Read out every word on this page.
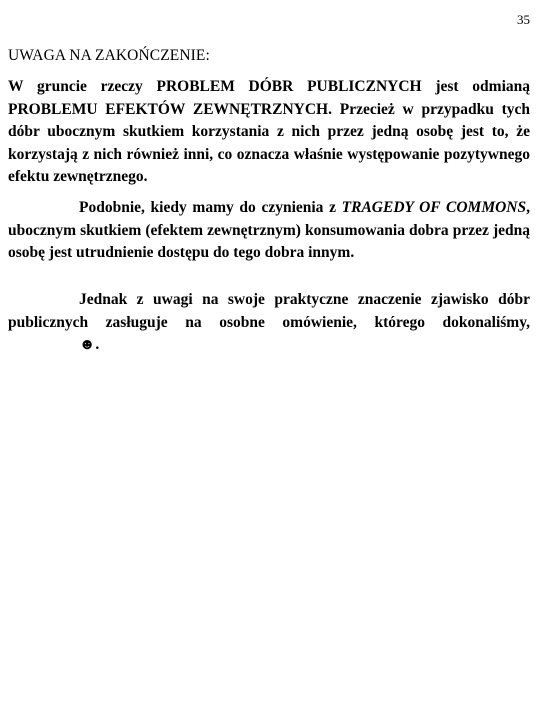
35
UWAGA NA ZAKOŃCZENIE:

W gruncie rzeczy PROBLEM DÓBR PUBLICZNYCH jest odmianą PROBLEMU EFEKTÓW ZEWNĘTRZNYCH. Przecież w przypadku tych dóbr ubocznym skutkiem korzystania z nich przez jedną osobę jest to, że korzystają z nich również inni, co oznacza właśnie występowanie pozytywnego efektu zewnętrznego.

Podobnie, kiedy mamy do czynienia z TRAGEDY OF COMMONS, ubocznym skutkiem (efektem zewnętrznym) konsumowania dobra przez jedną osobę jest utrudnienie dostępu do tego dobra innym.

Jednak z uwagi na swoje praktyczne znaczenie zjawisko dóbr publicznych zasługuje na osobne omówienie, którego dokonaliśmy, ☻.
